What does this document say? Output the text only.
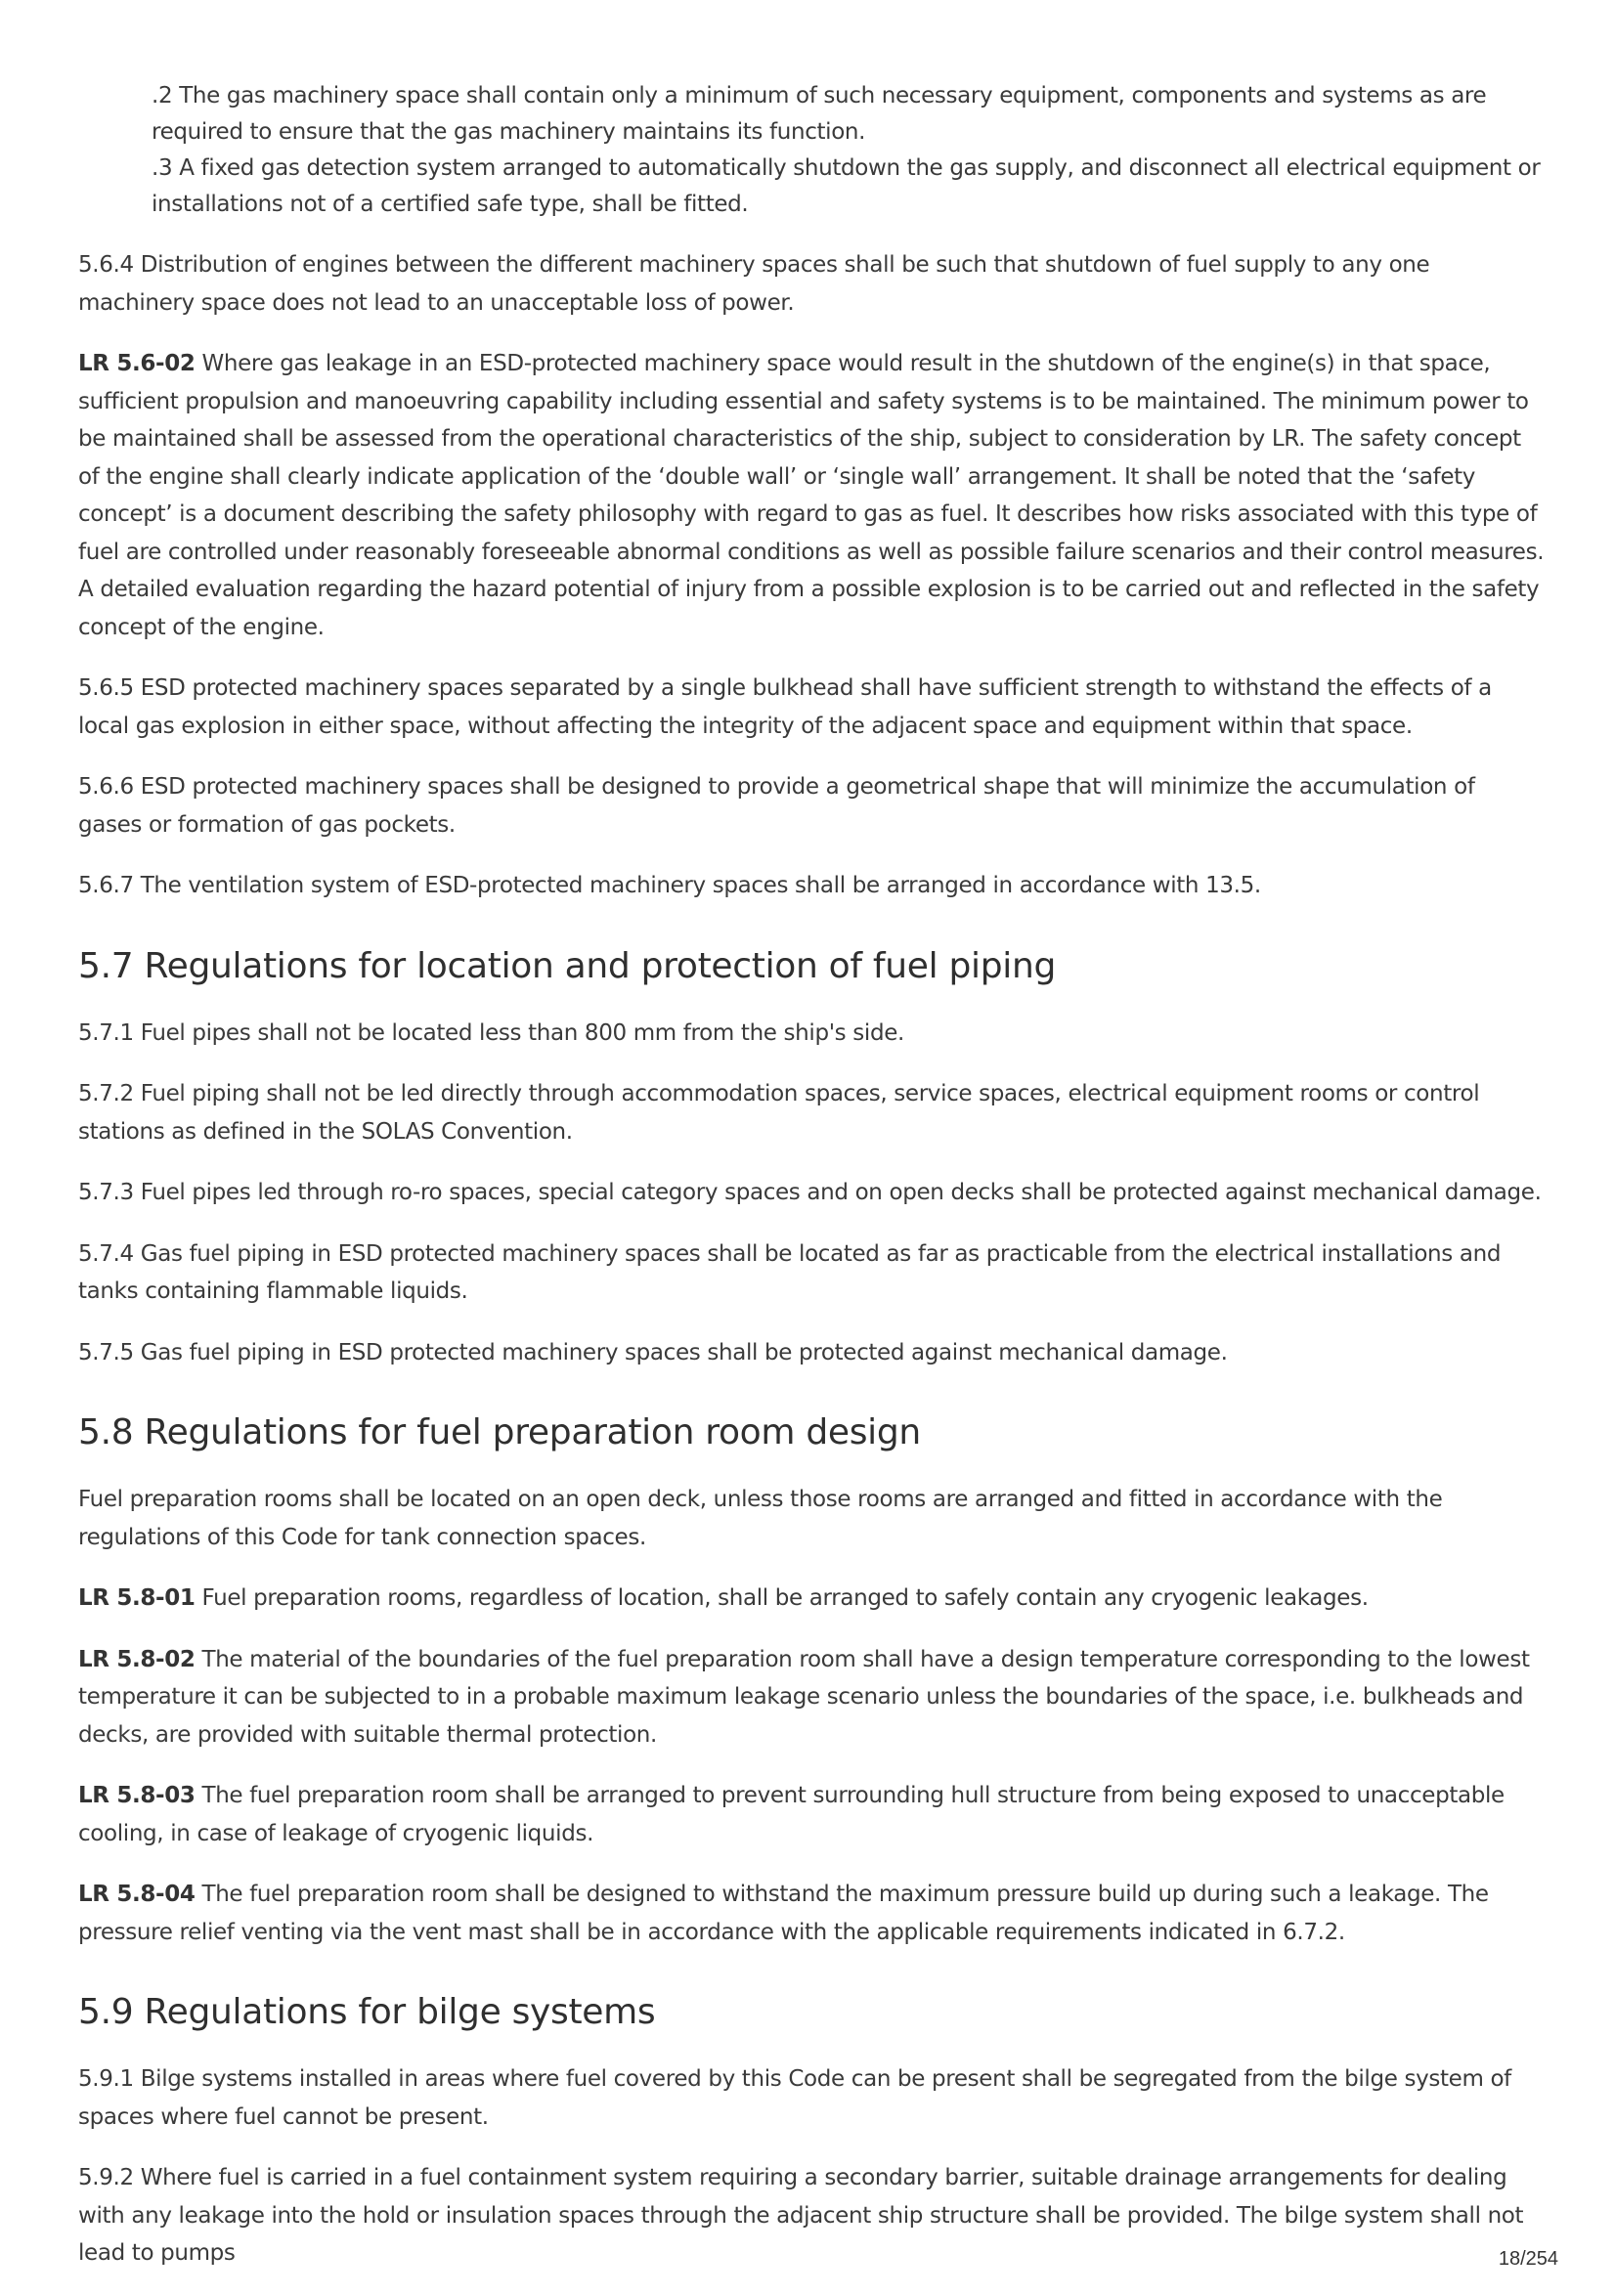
.2 The gas machinery space shall contain only a minimum of such necessary equipment, components and systems as are required to ensure that the gas machinery maintains its function.

.3 A fixed gas detection system arranged to automatically shutdown the gas supply, and disconnect all electrical equipment or installations not of a certified safe type, shall be fitted.

5.6.4 Distribution of engines between the different machinery spaces shall be such that shutdown of fuel supply to any one machinery space does not lead to an unacceptable loss of power.

LR 5.6-02 Where gas leakage in an ESD-protected machinery space would result in the shutdown of the engine(s) in that space, sufficient propulsion and manoeuvring capability including essential and safety systems is to be maintained. The minimum power to be maintained shall be assessed from the operational characteristics of the ship, subject to consideration by LR. The safety concept of the engine shall clearly indicate application of the ‘double wall’ or ‘single wall’ arrangement. It shall be noted that the ‘safety concept’ is a document describing the safety philosophy with regard to gas as fuel. It describes how risks associated with this type of fuel are controlled under reasonably foreseeable abnormal conditions as well as possible failure scenarios and their control measures. A detailed evaluation regarding the hazard potential of injury from a possible explosion is to be carried out and reflected in the safety concept of the engine.

5.6.5 ESD protected machinery spaces separated by a single bulkhead shall have sufficient strength to withstand the effects of a local gas explosion in either space, without affecting the integrity of the adjacent space and equipment within that space.

5.6.6 ESD protected machinery spaces shall be designed to provide a geometrical shape that will minimize the accumulation of gases or formation of gas pockets.

5.6.7 The ventilation system of ESD-protected machinery spaces shall be arranged in accordance with 13.5.

5.7 Regulations for location and protection of fuel piping

5.7.1 Fuel pipes shall not be located less than 800 mm from the ship's side.

5.7.2 Fuel piping shall not be led directly through accommodation spaces, service spaces, electrical equipment rooms or control stations as defined in the SOLAS Convention.

5.7.3 Fuel pipes led through ro-ro spaces, special category spaces and on open decks shall be protected against mechanical damage.

5.7.4 Gas fuel piping in ESD protected machinery spaces shall be located as far as practicable from the electrical installations and tanks containing flammable liquids.

5.7.5 Gas fuel piping in ESD protected machinery spaces shall be protected against mechanical damage.

5.8 Regulations for fuel preparation room design

Fuel preparation rooms shall be located on an open deck, unless those rooms are arranged and fitted in accordance with the regulations of this Code for tank connection spaces.

LR 5.8-01 Fuel preparation rooms, regardless of location, shall be arranged to safely contain any cryogenic leakages.

LR 5.8-02 The material of the boundaries of the fuel preparation room shall have a design temperature corresponding to the lowest temperature it can be subjected to in a probable maximum leakage scenario unless the boundaries of the space, i.e. bulkheads and decks, are provided with suitable thermal protection.

LR 5.8-03 The fuel preparation room shall be arranged to prevent surrounding hull structure from being exposed to unacceptable cooling, in case of leakage of cryogenic liquids.

LR 5.8-04 The fuel preparation room shall be designed to withstand the maximum pressure build up during such a leakage. The pressure relief venting via the vent mast shall be in accordance with the applicable requirements indicated in 6.7.2.

5.9 Regulations for bilge systems

5.9.1 Bilge systems installed in areas where fuel covered by this Code can be present shall be segregated from the bilge system of spaces where fuel cannot be present.

5.9.2 Where fuel is carried in a fuel containment system requiring a secondary barrier, suitable drainage arrangements for dealing with any leakage into the hold or insulation spaces through the adjacent ship structure shall be provided. The bilge system shall not lead to pumps	18/254
